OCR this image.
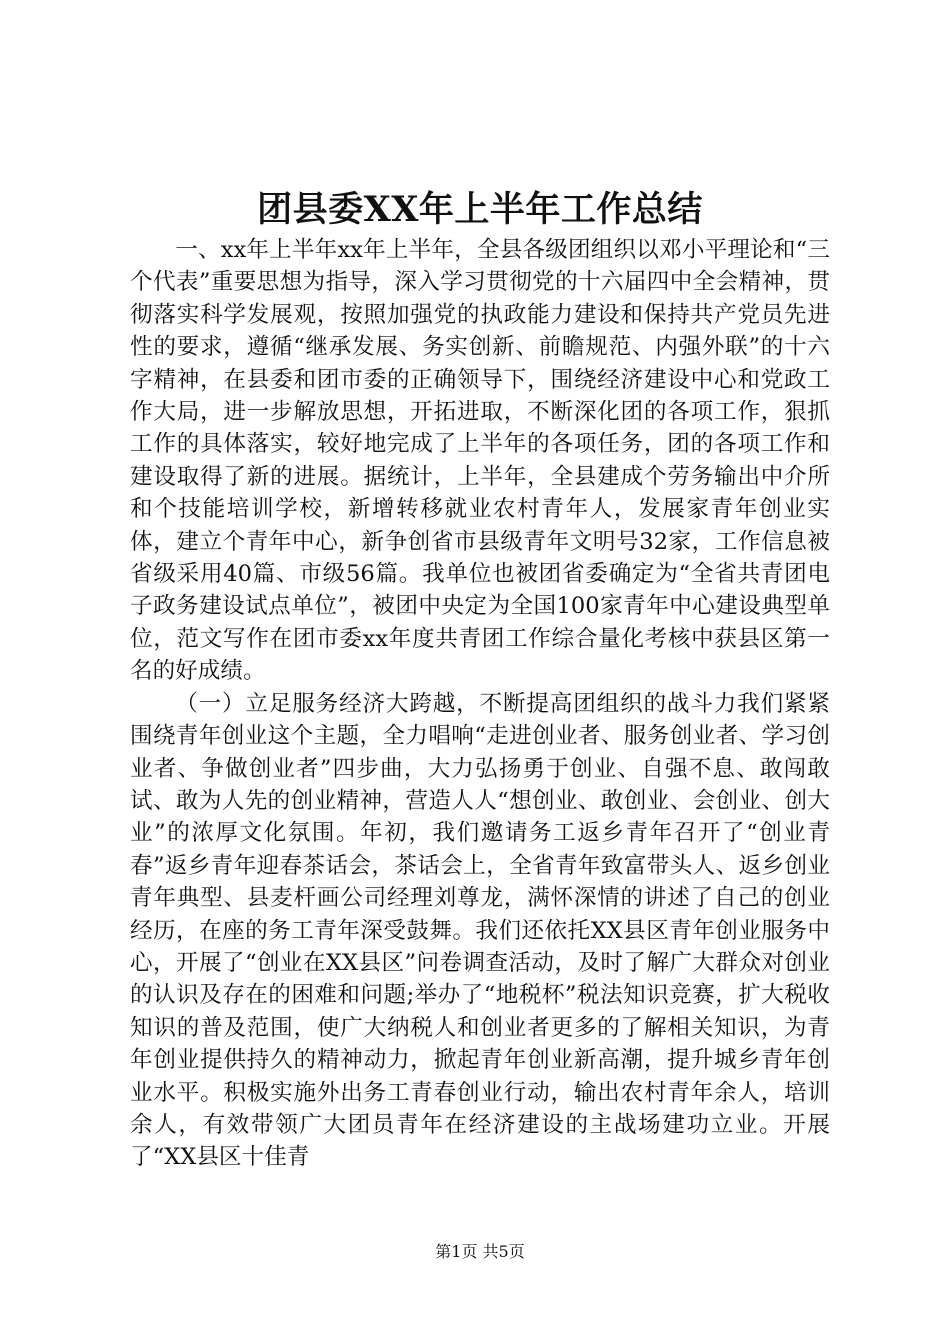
团县委XX年上半年工作总结

一、xx年上半年xx年上半年，全县各级团组织以邓小平理论和“三个代表”重要思想为指导，深入学习贯彻党的十六届四中全会精神，贯彻落实科学发展观，按照加强党的执政能力建设和保持共产党员先进性的要求，遵循“继承发展、务实创新、前瞻规范、内强外联”的十六字精神，在县委和团市委的正确领导下，围绕经济建设中心和党政工作大局，进一步解放思想，开拓进取，不断深化团的各项工作，狠抓工作的具体落实，较好地完成了上半年的各项任务，团的各项工作和建设取得了新的进展。据统计，上半年，全县建成个劳务输出中介所和个技能培训学校，新增转移就业农村青年人，发展家青年创业实体，建立个青年中心，新争创省市县级青年文明号32家，工作信息被省级采用40篇、市级56篇。我单位也被团省委确定为“全省共青团电子政务建设试点单位”，被团中央定为全国100家青年中心建设典型单位，范文写作在团市委xx年度共青团工作综合量化考核中获县区第一名的好成绩。

（一）立足服务经济大跨越，不断提高团组织的战斗力我们紧紧围绕青年创业这个主题，全力唱响“走进创业者、服务创业者、学习创业者、争做创业者”四步曲，大力弘扬勇于创业、自强不息、敢闯敢试、敢为人先的创业精神，营造人人“想创业、敢创业、会创业、创大业”的浓厚文化氛围。年初，我们邀请务工返乡青年召开了“创业青春”返乡青年迎春茶话会，茶话会上，全省青年致富带头人、返乡创业青年典型、县麦杆画公司经理刘尊龙，满怀深情的讲述了自己的创业经历，在座的务工青年深受鼓舞。我们还依托XX县区青年创业服务中心，开展了“创业在XX县区”问卷调查活动，及时了解广大群众对创业的认识及存在的困难和问题;举办了“地税杯”税法知识竞赛，扩大税收知识的普及范围，使广大纳税人和创业者更多的了解相关知识，为青年创业提供持久的精神动力，掀起青年创业新高潮，提升城乡青年创业水平。积极实施外出务工青春创业行动，输出农村青年余人，培训余人，有效带领广大团员青年在经济建设的主战场建功立业。开展了“XX县区十佳青

第1页 共5页
